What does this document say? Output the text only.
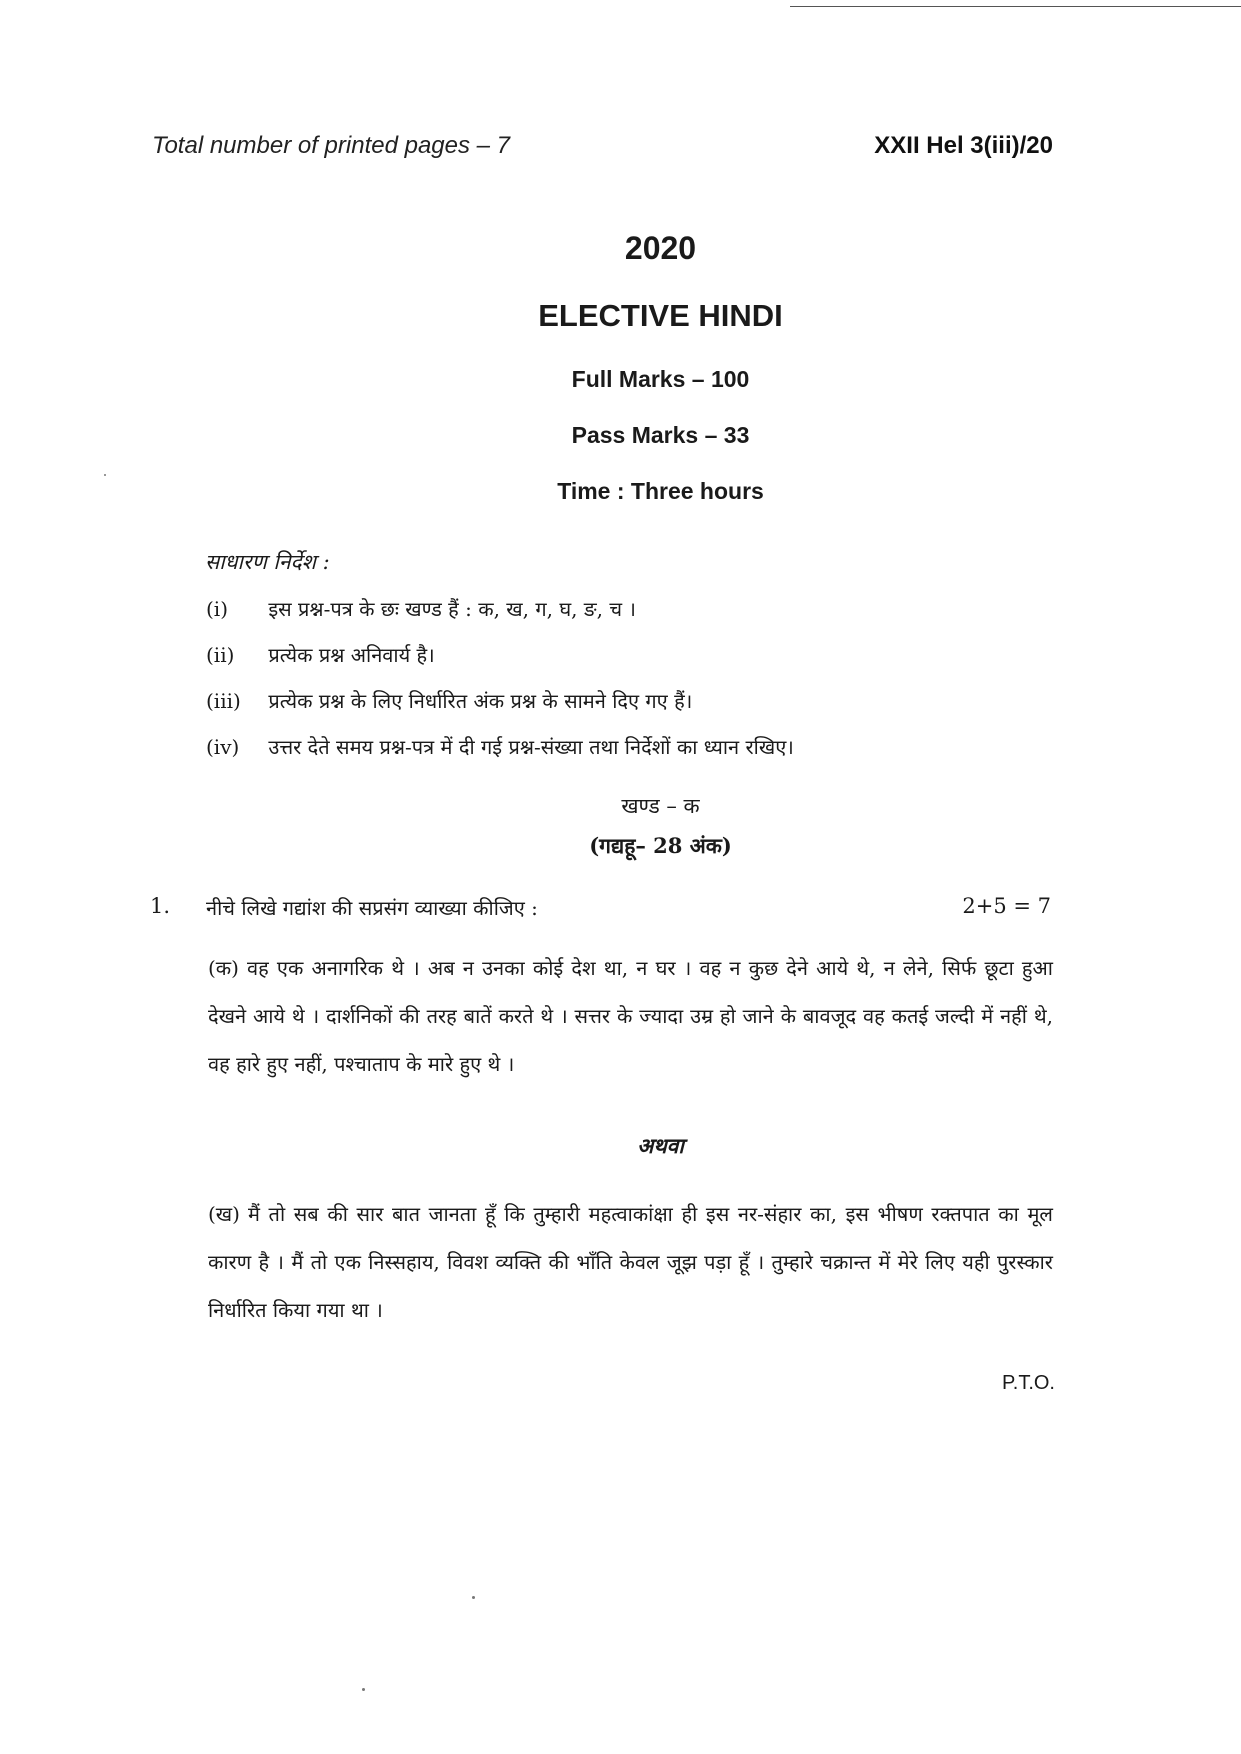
Total number of printed pages – 7	XXII Hel 3(iii)/20
2020
ELECTIVE HINDI
Full Marks – 100
Pass Marks – 33
Time : Three hours
साधारण निर्देश :
(i) इस प्रश्न-पत्र के छः खण्ड हैं : क, ख, ग, घ, ङ, च ।
(ii) प्रत्येक प्रश्न अनिवार्य है।
(iii) प्रत्येक प्रश्न के लिए निर्धारित अंक प्रश्न के सामने दिए गए हैं।
(iv) उत्तर देते समय प्रश्न-पत्र में दी गई प्रश्न-संख्या तथा निर्देशों का ध्यान रखिए।
खण्ड – क
(गद्यहू– 28 अंक)
1. नीचे लिखे गद्यांश की सप्रसंग व्याख्या कीजिए :	2+5 = 7
(क) वह एक अनागरिक थे । अब न उनका कोई देश था, न घर । वह न कुछ देने आये थे, न लेने, सिर्फ छूटा हुआ देखने आये थे । दार्शनिकों की तरह बातें करते थे । सत्तर के ज्यादा उम्र हो जाने के बावजूद वह कतई जल्दी में नहीं थे, वह हारे हुए नहीं, पश्चाताप के मारे हुए थे ।
अथवा
(ख) मैं तो सब की सार बात जानता हूँ कि तुम्हारी महत्वाकांक्षा ही इस नर-संहार का, इस भीषण रक्तपात का मूल कारण है । मैं तो एक निस्सहाय, विवश व्यक्ति की भाँति केवल जूझ पड़ा हूँ । तुम्हारे चक्रान्त में मेरे लिए यही पुरस्कार निर्धारित किया गया था ।
P.T.O.
